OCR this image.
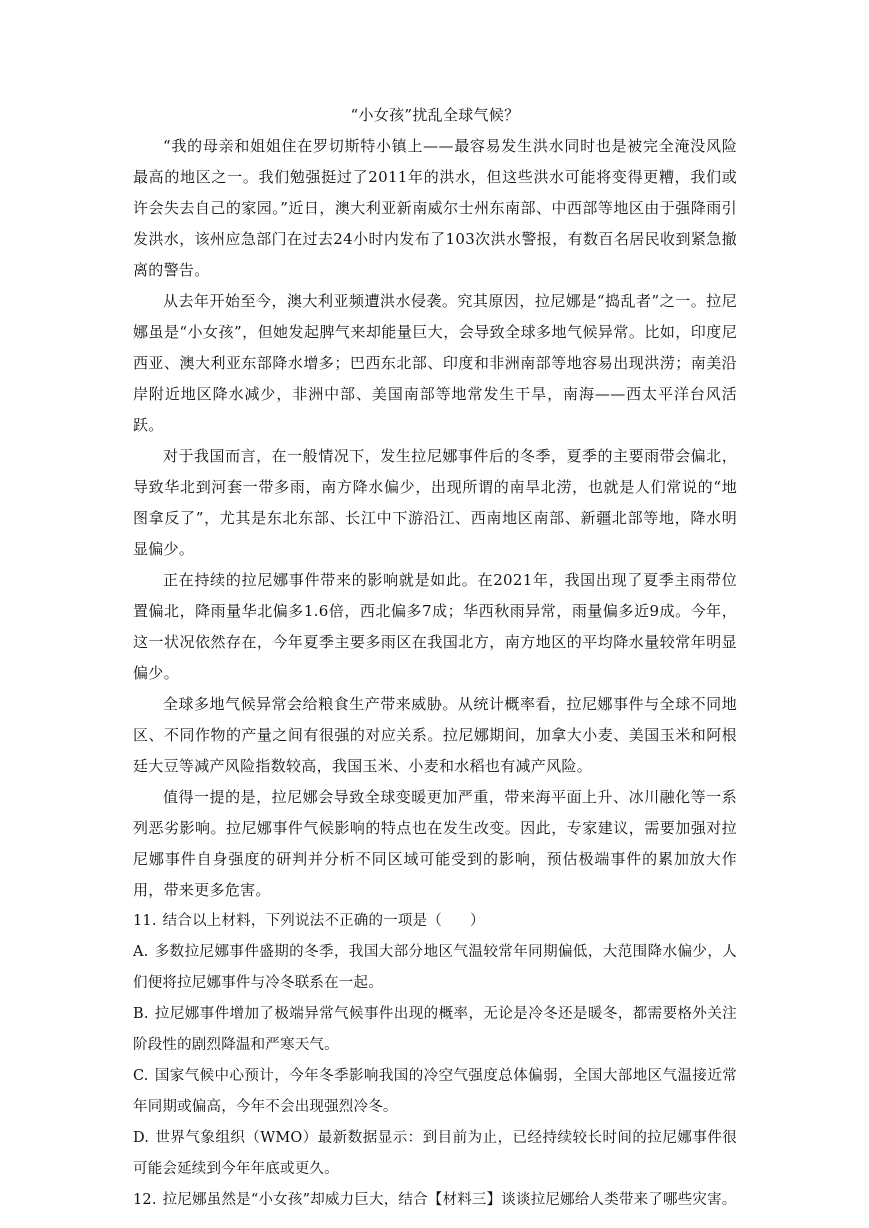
“小女孩”扰乱全球气候？

“我的母亲和姐姐住在罗切斯特小镇上——最容易发生洪水同时也是被完全淹没风险最高的地区之一。我们勉强挺过了2011年的洪水，但这些洪水可能将变得更糟，我们或许会失去自己的家园。”近日，澳大利亚新南威尔士州东南部、中西部等地区由于强降雨引发洪水，该州应急部门在过去24小时内发布了103次洪水警报，有数百名居民收到紧急撤离的警告。

从去年开始至今，澳大利亚频遭洪水侵袭。究其原因，拉尼娜是“捣乱者”之一。拉尼娜虽是“小女孩”，但她发起脾气来却能量巨大，会导致全球多地气候异常。比如，印度尼西亚、澳大利亚东部降水增多；巴西东北部、印度和非洲南部等地容易出现洪涝；南美沿岸附近地区降水减少，非洲中部、美国南部等地常发生干旱，南海——西太平洋台风活跃。

对于我国而言，在一般情况下，发生拉尼娜事件后的冬季，夏季的主要雨带会偏北，导致华北到河套一带多雨，南方降水偏少，出现所谓的南旱北涝，也就是人们常说的“地图拿反了”，尤其是东北东部、长江中下游沿江、西南地区南部、新疆北部等地，降水明显偏少。

正在持续的拉尼娜事件带来的影响就是如此。在2021年，我国出现了夏季主雨带位置偏北，降雨量华北偏多1.6倍，西北偏多7成；华西秋雨异常，雨量偏多近9成。今年，这一状况依然存在，今年夏季主要多雨区在我国北方，南方地区的平均降水量较常年明显偏少。

全球多地气候异常会给粮食生产带来威胁。从统计概率看，拉尼娜事件与全球不同地区、不同作物的产量之间有很强的对应关系。拉尼娜期间，加拿大小麦、美国玉米和阿根廷大豆等减产风险指数较高，我国玉米、小麦和水稻也有减产风险。

值得一提的是，拉尼娜会导致全球变暖更加严重，带来海平面上升、冰川融化等一系列恶劣影响。拉尼娜事件气候影响的特点也在发生改变。因此，专家建议，需要加强对拉尼娜事件自身强度的研判并分析不同区域可能受到的影响，预估极端事件的累加放大作用，带来更多危害。

11. 结合以上材料，下列说法不正确的一项是（ ）

A. 多数拉尼娜事件盛期的冬季，我国大部分地区气温较常年同期偏低，大范围降水偏少，人们便将拉尼娜事件与冷冬联系在一起。

B. 拉尼娜事件增加了极端异常气候事件出现的概率，无论是冷冬还是暖冬，都需要格外关注阶段性的剧烈降温和严寒天气。

C. 国家气候中心预计，今年冬季影响我国的冷空气强度总体偏弱，全国大部地区气温接近常年同期或偏高，今年不会出现强烈冷冬。

D. 世界气象组织（WMO）最新数据显示：到目前为止，已经持续较长时间的拉尼娜事件很可能会延续到今年年底或更久。

12. 拉尼娜虽然是“小女孩”却威力巨大，结合【材料三】谈谈拉尼娜给人类带来了哪些灾害。
